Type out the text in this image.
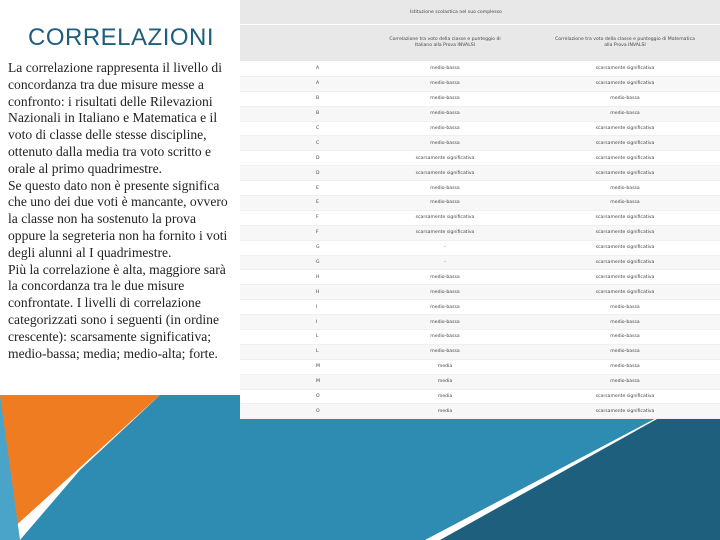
CORRELAZIONI

La correlazione rappresenta il livello di concordanza tra due misure messe a confronto: i risultati delle Rilevazioni Nazionali in Italiano e Matematica e il voto di classe delle stesse discipline, ottenuto dalla media tra voto scritto e orale al primo quadrimestre.

Se questo dato non è presente significa che uno dei due voti è mancante, ovvero la classe non ha sostenuto la prova oppure la segreteria non ha fornito i voti degli alunni al I quadrimestre.

Più la correlazione è alta, maggiore sarà la concordanza tra le due misure confrontate. I livelli di correlazione categorizzati sono i seguenti (in ordine crescente): scarsamente significativa; medio-bassa; media; medio-alta; forte.

	Istituzione scolastica nel suo complesso	
	Correlazione tra voto della classe e punteggio di Italiano alla Prova INVALSI	Correlazione tra voto della classe e punteggio di Matematica alla Prova INVALSI
A	medio-bassa	scarsamente significativa
A	medio-bassa	scarsamente significativa
B	medio-bassa	medio-bassa
B	medio-bassa	medio-bassa
C	medio-bassa	scarsamente significativa
C	medio-bassa	scarsamente significativa
D	scarsamente significativa	scarsamente significativa
D	scarsamente significativa	scarsamente significativa
E	medio-bassa	medio-bassa
E	medio-bassa	medio-bassa
F	scarsamente significativa	scarsamente significativa
F	scarsamente significativa	scarsamente significativa
G	-	scarsamente significativa
G	-	scarsamente significativa
H	medio-bassa	scarsamente significativa
H	medio-bassa	scarsamente significativa
I	medio-bassa	medio-bassa
I	medio-bassa	medio-bassa
L	medio-bassa	medio-bassa
L	medio-bassa	medio-bassa
M	media	medio-bassa
M	media	medio-bassa
O	media	scarsamente significativa
O	media	scarsamente significativa
